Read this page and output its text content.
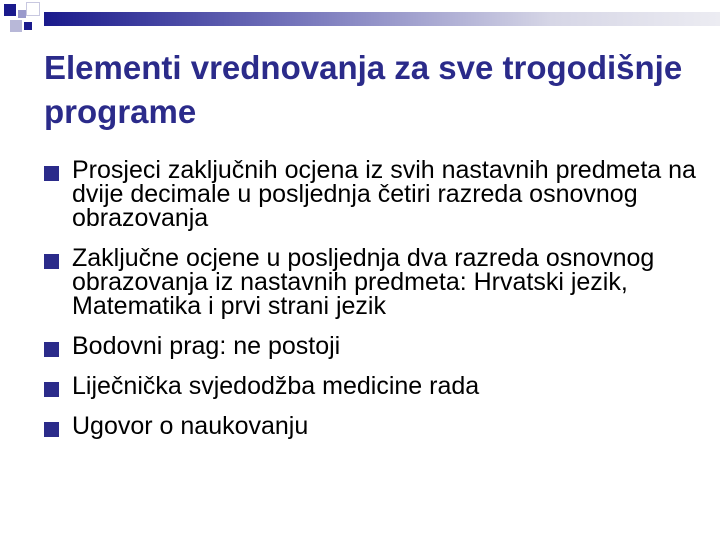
Elementi vrednovanja za sve trogodišnje programe
Prosjeci zaključnih ocjena iz svih nastavnih predmeta na dvije decimale u posljednja četiri razreda osnovnog obrazovanja
Zaključne ocjene u posljednja dva razreda osnovnog obrazovanja iz nastavnih predmeta: Hrvatski jezik, Matematika i prvi strani jezik
Bodovni prag: ne postoji
Liječnička svjedodžba medicine rada
Ugovor o naukovanju
